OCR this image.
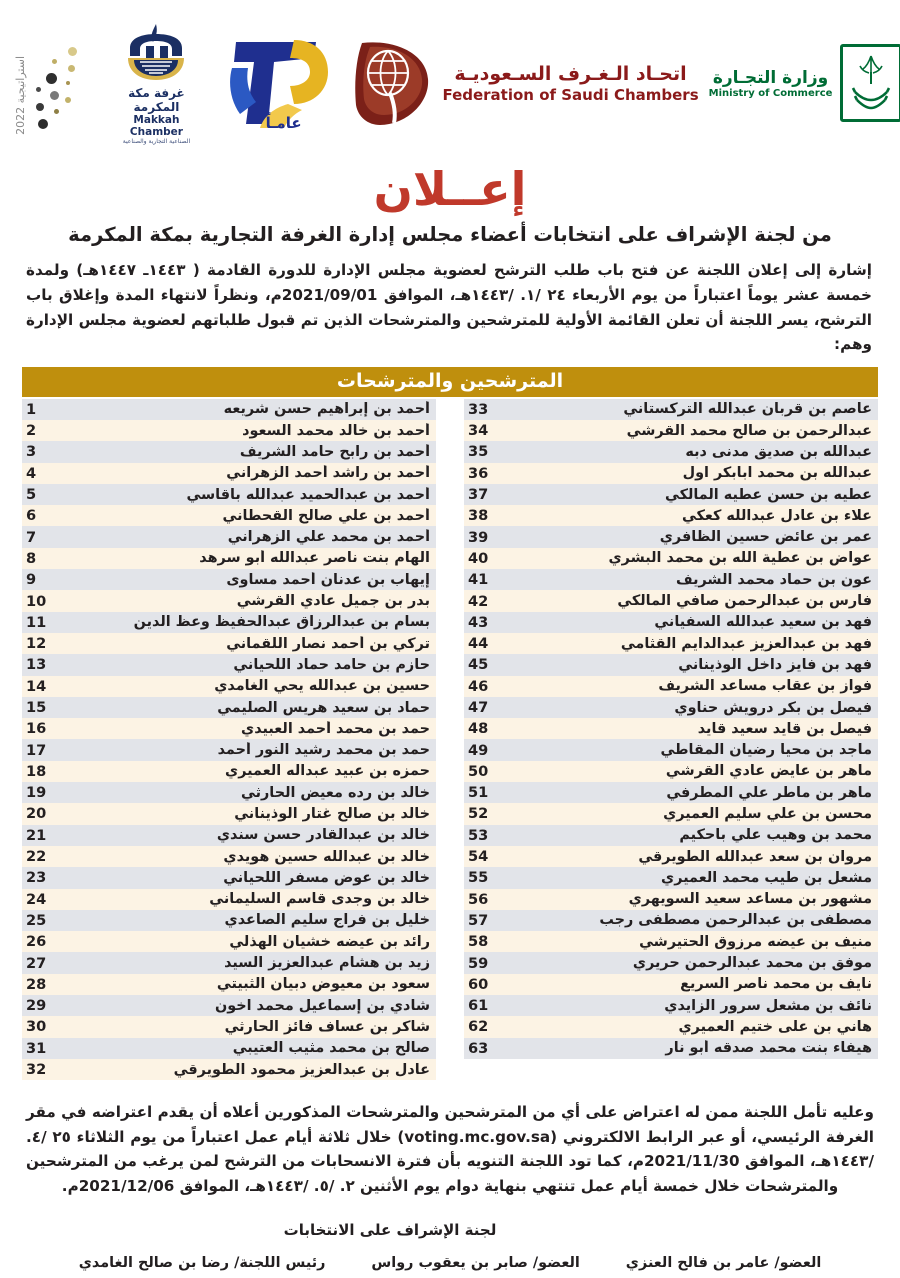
استراتيجية 2022
غرفة مكة المكرمة
Makkah Chamber
الصناعية التجارية والصناعية
عامـاً
اتحـاد الـغـرف السـعوديـة
Federation of Saudi Chambers
وزارة التجـارة
Ministry of Commerce
إعــلان
من لجنة الإشراف على انتخابات أعضاء مجلس إدارة الغرفة التجارية بمكة المكرمة
إشارة إلى إعلان اللجنة عن فتح باب طلب الترشح لعضوية مجلس الإدارة للدورة القادمة ( ١٤٤٣ـ ١٤٤٧هـ) ولمدة خمسة عشر يوماً اعتباراً من يوم الأربعاء ٢٤ /١. /١٤٤٣هـ، الموافق 2021/09/01م، ونظراً لانتهاء المدة وإغلاق باب الترشح، يسر اللجنة أن تعلن القائمة الأولية للمترشحين والمترشحات الذين تم قبول طلباتهم لعضوية مجلس الإدارة وهم:
المترشحين والمترشحات
عاصم بن قربان عبدالله التركستاني
33
عبدالرحمن بن صالح محمد القرشي
34
عبدالله بن صديق مدنى دبه
35
عبدالله بن محمد ابابكر اول
36
عطيه بن حسن عطيه المالكي
37
علاء بن عادل عبدالله كعكي
38
عمر بن عائض حسين الظافري
39
عواض بن عطية الله بن محمد البشري
40
عون بن حماد محمد الشريف
41
فارس بن عبدالرحمن صافي المالكي
42
فهد بن سعيد عبدالله السفياني
43
فهد بن عبدالعزيز عبدالدايم القثامي
44
فهد بن فايز داخل الوذيناني
45
فواز بن عقاب مساعد الشريف
46
فيصل بن بكر درويش حناوي
47
فيصل بن قايد سعيد قايد
48
ماجد بن محيا رضيان المقاطي
49
ماهر بن عايض عادي القرشي
50
ماهر بن ماطر علي المطرفي
51
محسن بن علي سليم العميري
52
محمد بن وهيب علي باحكيم
53
مروان بن سعد عبدالله الطويرقي
54
مشعل بن طيب محمد العميري
55
مشهور بن مساعد سعيد السويهري
56
مصطفى بن عبدالرحمن مصطفى رجب
57
منيف بن عيضه مرزوق الحتيرشي
58
موفق بن محمد عبدالرحمن حريري
59
نايف بن محمد ناصر السريع
60
نائف بن مشعل سرور الزايدي
61
هاني بن على ختيم العميري
62
هيفاء بنت محمد صدقه أبو نار
63
أحمد بن إبراهيم حسن شريعه
1
أحمد بن خالد محمد السعود
2
أحمد بن رابح حامد الشريف
3
أحمد بن راشد أحمد الزهراني
4
أحمد بن عبدالحميد عبدالله باقاسي
5
أحمد بن علي صالح القحطاني
6
أحمد بن محمد علي الزهراني
7
الهام بنت ناصر عبدالله أبو سرهد
8
إيهاب بن عدنان أحمد مساوى
9
بدر بن جميل عادي القرشي
10
بسام بن عبدالرزاق عبدالحفيظ وعظ الدين
11
تركي بن أحمد نصار اللقماني
12
حازم بن حامد حماد اللحياني
13
حسين بن عبدالله يحي الغامدي
14
حماد بن سعيد هريس الصليمي
15
حمد بن محمد أحمد العبيدي
16
حمد بن محمد رشيد النور أحمد
17
حمزه بن عبيد عبداله العميري
18
خالد بن رده معيض الحارثي
19
خالد بن صالح غتار الوذيناني
20
خالد بن عبدالقادر حسن سندي
21
خالد بن عبدالله حسين هويدي
22
خالد بن عوض مسفر اللحياني
23
خالد بن وجدى قاسم السليماني
24
خليل بن فراج سليم الصاعدي
25
رائد بن عيضه خشيان الهذلي
26
زيد بن هشام عبدالعزيز السيد
27
سعود بن معيوض دبيان الثبيتي
28
شادي بن إسماعيل محمد اخون
29
شاكر بن عساف فائز الحارثي
30
صالح بن محمد مثيب العتيبي
31
عادل بن عبدالعزيز محمود الطويرقي
32
وعليه تأمل اللجنة ممن له اعتراض على أي من المترشحين والمترشحات المذكورين أعلاه أن يقدم اعتراضه في مقر الغرفة الرئيسي، أو عبر الرابط الالكتروني (voting.mc.gov.sa) خلال ثلاثة أيام عمل اعتباراً من يوم الثلاثاء ٢٥ /٤. /١٤٤٣هـ، الموافق 2021/11/30م، كما تود اللجنة التنويه بأن فترة الانسحابات من الترشح لمن يرغب من المترشحين والمترشحات خلال خمسة أيام عمل تنتهي بنهاية دوام يوم الأثنين ٢. /٥. /١٤٤٣هـ، الموافق 2021/12/06م.
لجنة الإشراف على الانتخابات
العضو/ عامر بن فالح العنزي
العضو/ صابر بن يعقوب رواس
رئيس اللجنة/ رضا بن صالح الغامدي
